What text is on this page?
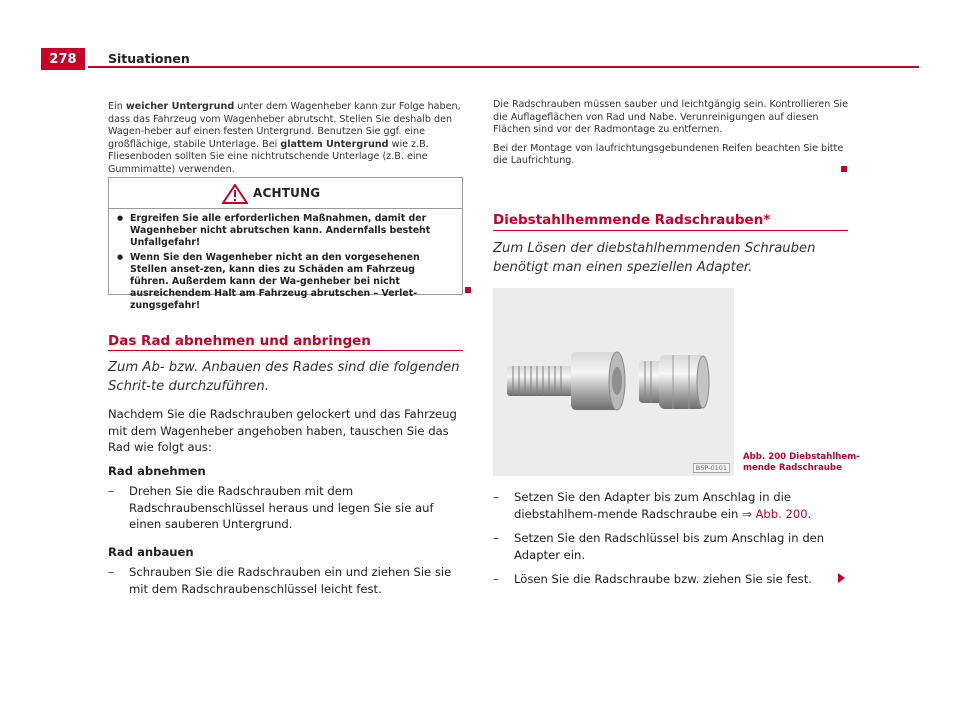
278	Situationen

Ein weicher Untergrund unter dem Wagenheber kann zur Folge haben, dass das Fahrzeug vom Wagenheber abrutscht. Stellen Sie deshalb den Wagen-heber auf einen festen Untergrund. Benutzen Sie ggf. eine großflächige, stabile Unterlage. Bei glattem Untergrund wie z.B. Fliesenboden sollten Sie eine nichtrutschende Unterlage (z.B. eine Gummimatte) verwenden.

ACHTUNG
● Ergreifen Sie alle erforderlichen Maßnahmen, damit der Wagenheber nicht abrutschen kann. Andernfalls besteht Unfallgefahr!
● Wenn Sie den Wagenheber nicht an den vorgesehenen Stellen anset-zen, kann dies zu Schäden am Fahrzeug führen. Außerdem kann der Wa-genheber bei nicht ausreichendem Halt am Fahrzeug abrutschen – Verlet-zungsgefahr!
Das Rad abnehmen und anbringen
Zum Ab- bzw. Anbauen des Rades sind die folgenden Schrit-te durchzuführen.

Nachdem Sie die Radschrauben gelockert und das Fahrzeug mit dem Wagenheber angehoben haben, tauschen Sie das Rad wie folgt aus:

Rad abnehmen

– Drehen Sie die Radschrauben mit dem Radschraubenschlüssel heraus und legen Sie sie auf einen sauberen Untergrund.

Rad anbauen

– Schrauben Sie die Radschrauben ein und ziehen Sie sie mit dem Radschraubenschlüssel leicht fest.

Die Radschrauben müssen sauber und leichtgängig sein. Kontrollieren Sie die Auflageflächen von Rad und Nabe. Verunreinigungen auf diesen Flächen sind vor der Radmontage zu entfernen.

Bei der Montage von laufrichtungsgebundenen Reifen beachten Sie bitte die Laufrichtung.

Diebstahlhemmende Radschrauben*
Zum Lösen der diebstahlhemmenden Schrauben benötigt man einen speziellen Adapter.
B5P-0101
Abb. 200 Diebstahlhem-
mende Radschraube
– Setzen Sie den Adapter bis zum Anschlag in die diebstahlhem-mende Radschraube ein ⇒ Abb. 200.
– Setzen Sie den Radschlüssel bis zum Anschlag in den Adapter ein.
– Lösen Sie die Radschraube bzw. ziehen Sie sie fest.
